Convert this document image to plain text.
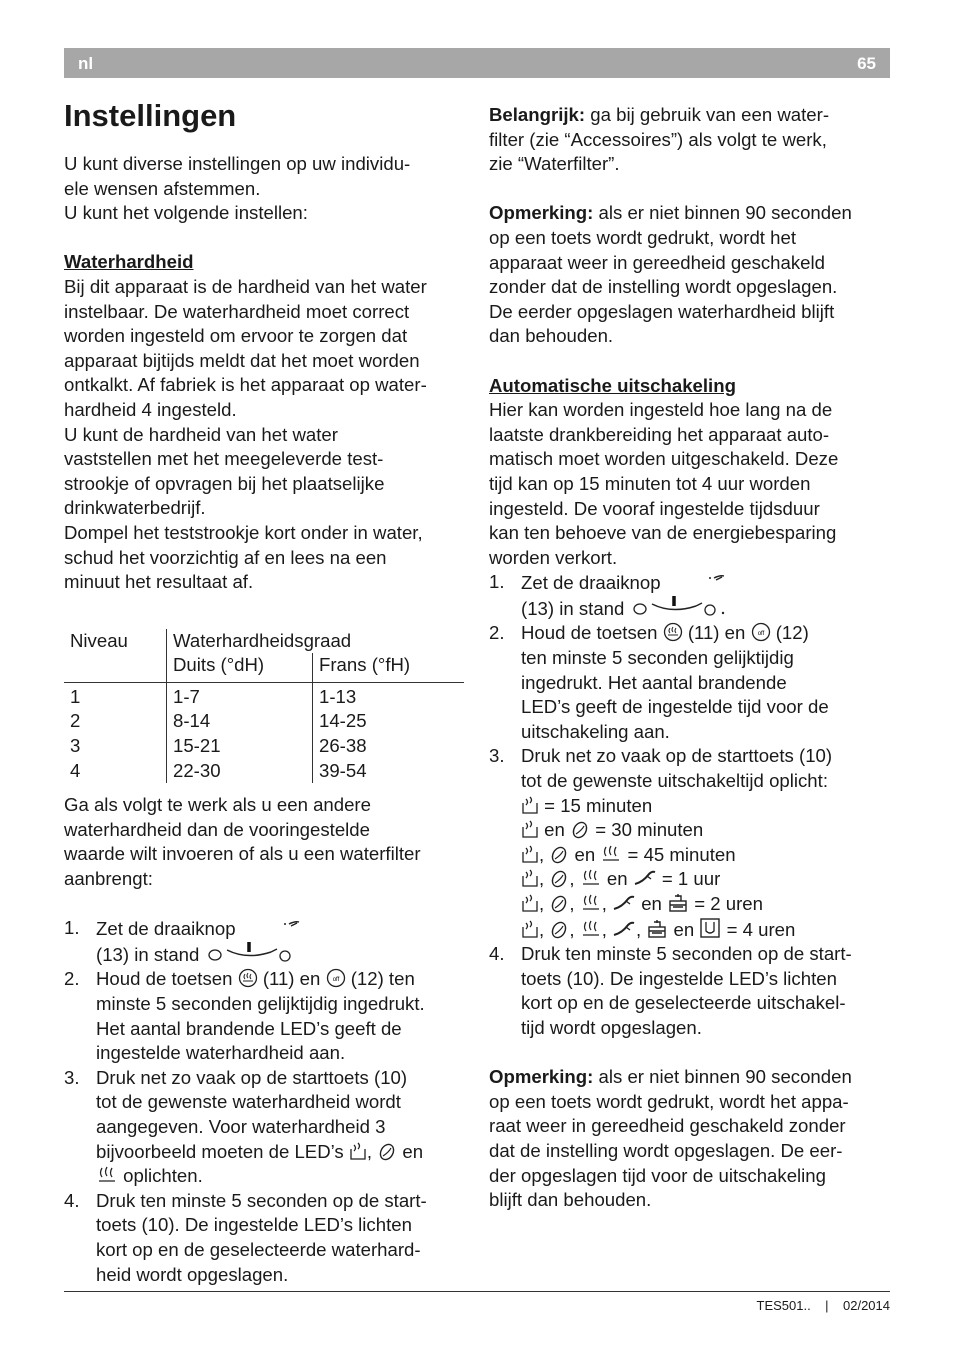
nl	65
Instellingen

U kunt diverse instellingen op uw individu-

ele wensen afstemmen.

U kunt het volgende instellen:

Waterhardheid

Bij dit apparaat is de hardheid van het water

instelbaar. De waterhardheid moet correct

worden ingesteld om ervoor te zorgen dat

apparaat bijtijds meldt dat het moet worden

ontkalkt. Af fabriek is het apparaat op water-

hardheid 4 ingesteld.

U kunt de hardheid van het water

vaststellen met het meegeleverde test-

strookje of opvragen bij het plaatselijke

drinkwaterbedrijf.

Dompel het teststrookje kort onder in water,

schud het voorzichtig af en lees na een

minuut het resultaat af.

Niveau	Waterhardheidsgraad	
	Duits (°dH)	Frans (°fH)
1	1-7	1-13
2	8-14	14-25
3	15-21	26-38
4	22-30	39-54

Ga als volgt te werk als u een andere

waterhardheid dan de vooringestelde

waarde wilt invoeren of als u een waterfilter

aanbrengt:

1. Zet de draaiknop
(13) in stand
2. Houd de toetsen (11) en off (12) ten minste 5 seconden gelijktijdig ingedrukt.
Het aantal brandende LED’s geeft de
ingestelde waterhardheid aan.
3. Druk net zo vaak op de starttoets (10)
tot de gewenste waterhardheid wordt
aangegeven. Voor waterhardheid 3
bijvoorbeeld moeten de LED’s ,  en
oplichten.
4. Druk ten minste 5 seconden op de start-
toets (10). De ingestelde LED’s lichten
kort op en de geselecteerde waterhard-
heid wordt opgeslagen.

Belangrijk: ga bij gebruik van een water-

filter (zie “Accessoires”) als volgt te werk,

zie “Waterfilter”.

Opmerking: als er niet binnen 90 seconden

op een toets wordt gedrukt, wordt het

apparaat weer in gereedheid geschakeld

zonder dat de instelling wordt opgeslagen.

De eerder opgeslagen waterhardheid blijft

dan behouden.

Automatische uitschakeling

Hier kan worden ingesteld hoe lang na de

laatste drankbereiding het apparaat auto-

matisch moet worden uitgeschakeld. Deze

tijd kan op 15 minuten tot 4 uur worden

ingesteld. De vooraf ingestelde tijdsduur

kan ten behoeve van de energiebesparing

worden verkort.

1. Zet de draaiknop
(13) in stand
2. Houd de toetsen (11) en off (12)
ten minste 5 seconden gelijktijdig
ingedrukt. Het aantal brandende
LED’s geeft de ingestelde tijd voor de
uitschakeling aan.
3. Druk net zo vaak op de starttoets (10)
tot de gewenste uitschakeltijd oplicht:
= 15 minuten
en = 30 minuten
,  en = 45 minuten
, ,  en = 1 uur
, , ,  en = 2 uren
, , , ,  en = 4 uren
4. Druk ten minste 5 seconden op de start-
toets (10). De ingestelde LED’s lichten
kort op en de geselecteerde uitschakel-
tijd wordt opgeslagen.

Opmerking: als er niet binnen 90 seconden

op een toets wordt gedrukt, wordt het appa-

raat weer in gereedheid geschakeld zonder

dat de instelling wordt opgeslagen. De eer-

der opgeslagen tijd voor de uitschakeling

blijft dan behouden.

TES501.. | 02/2014
